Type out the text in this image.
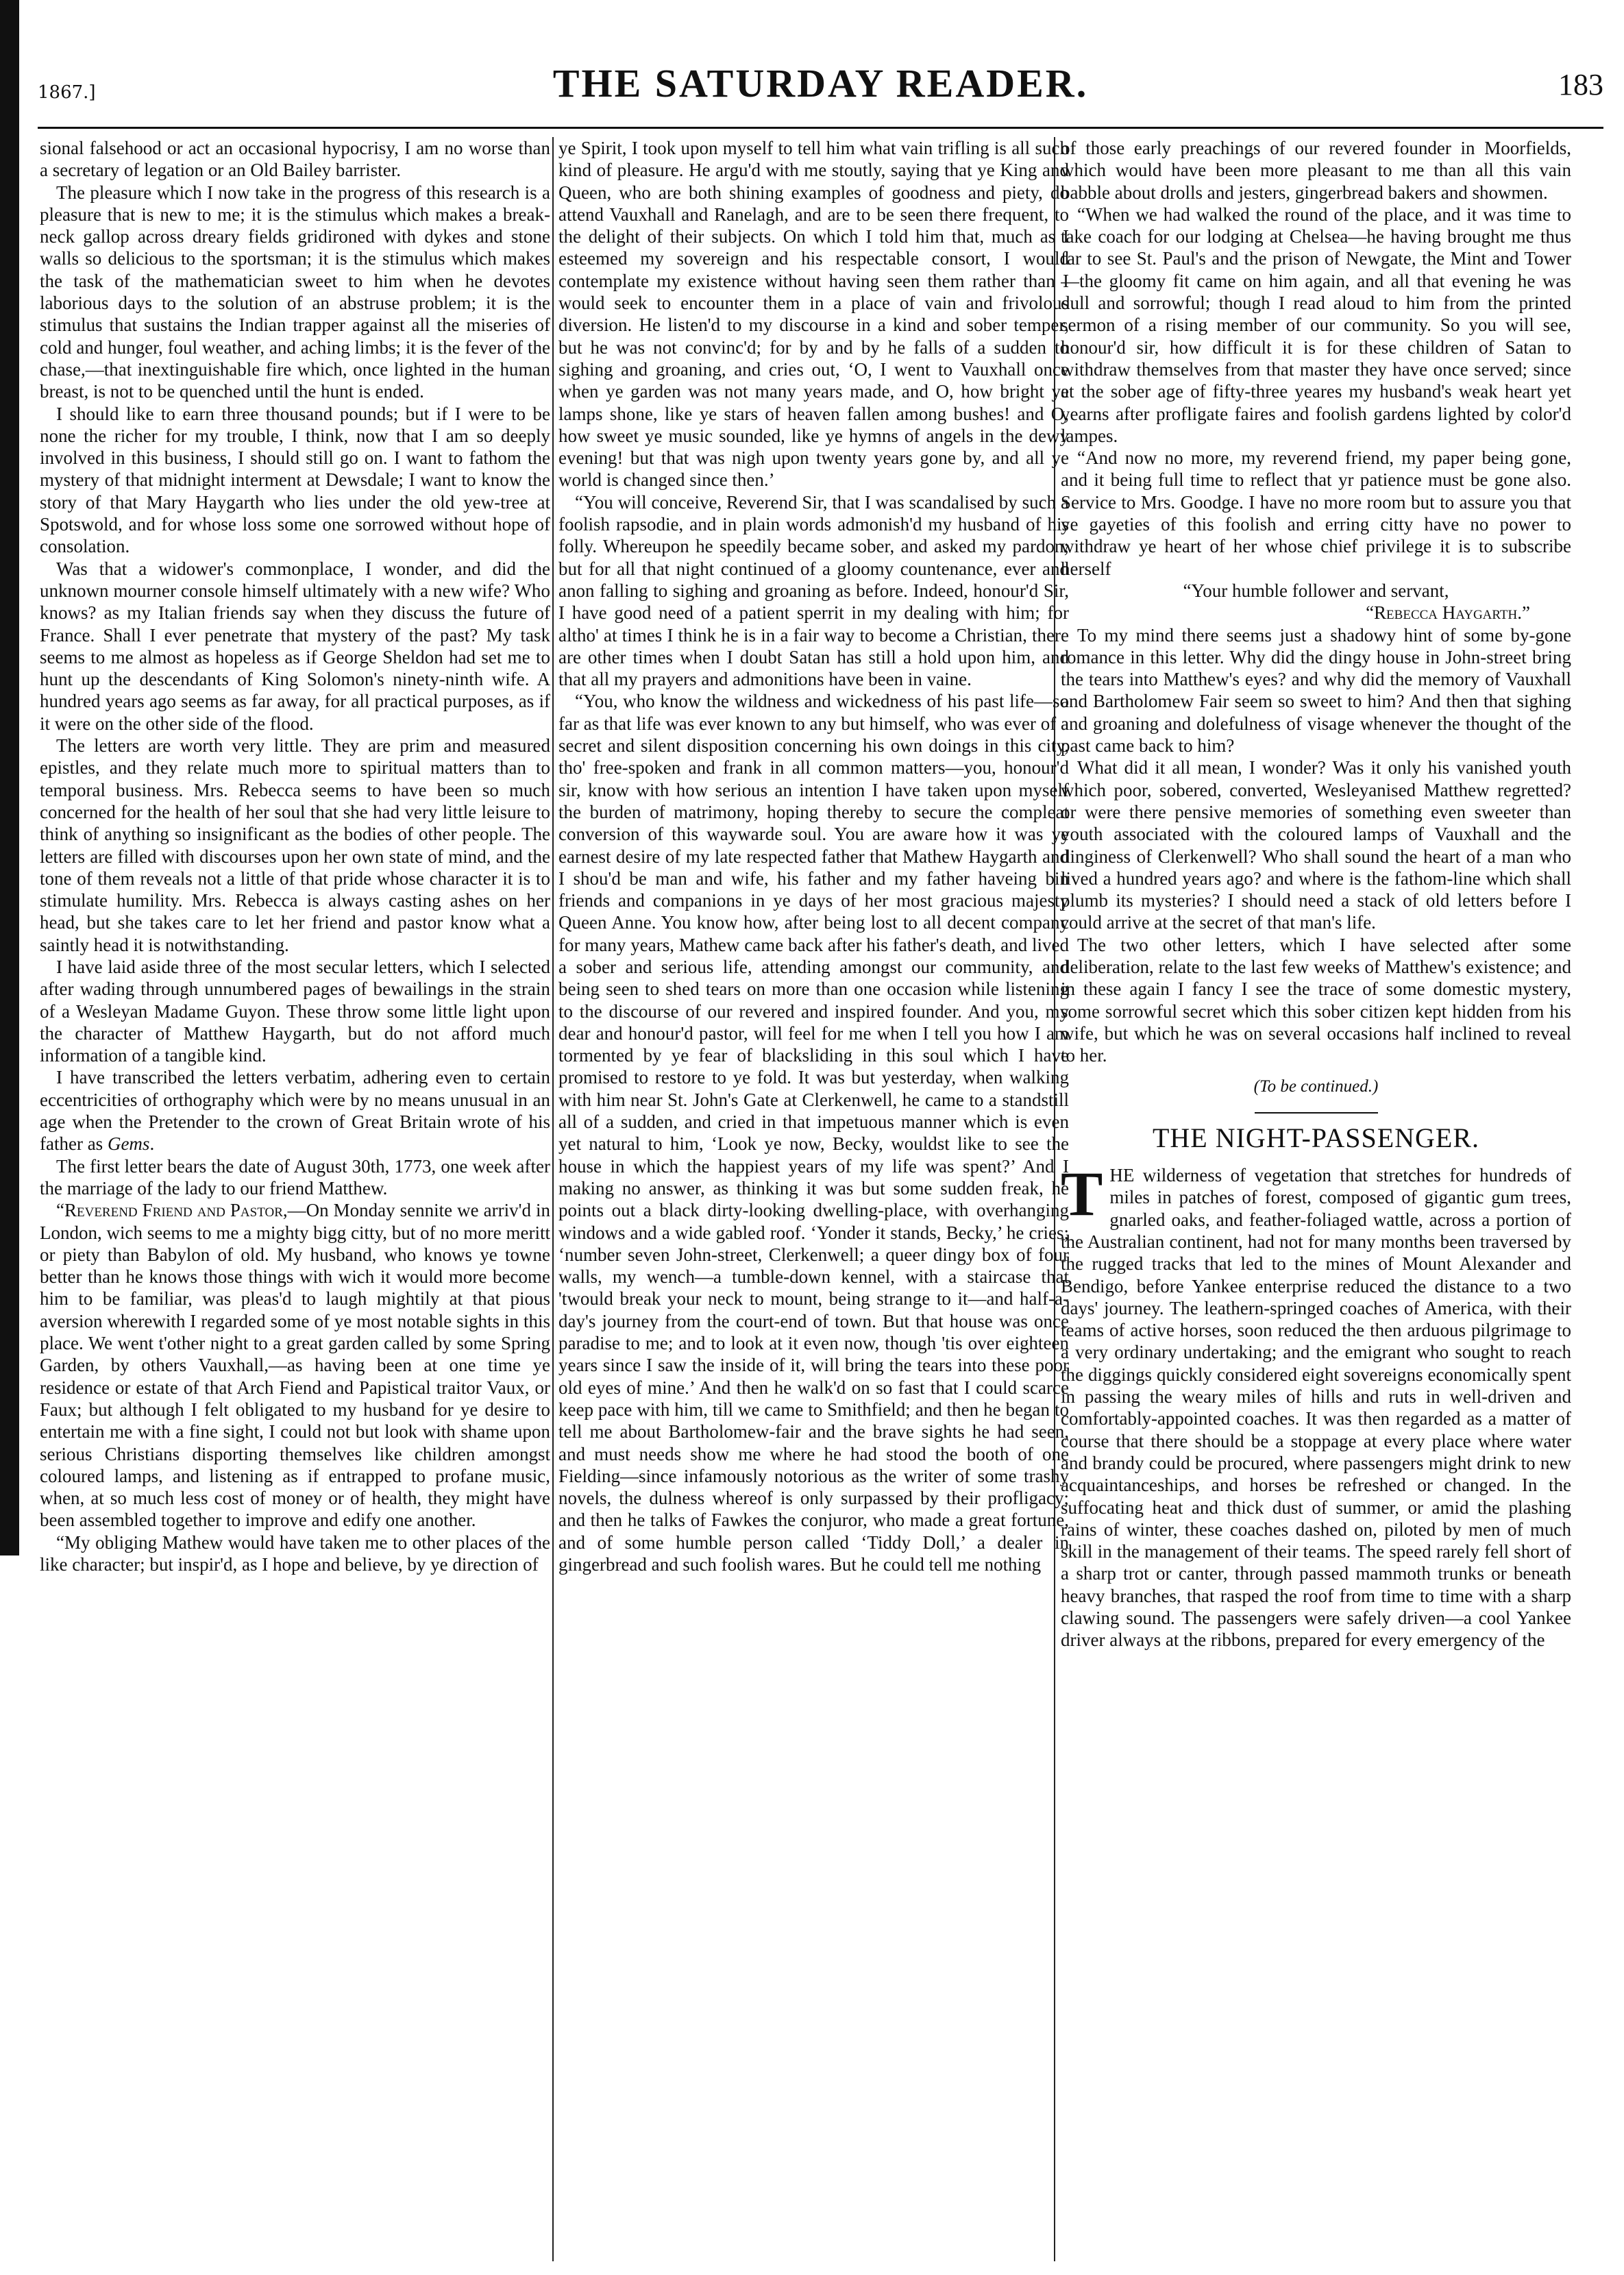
1867.]	THE SATURDAY READER.	183

sional falsehood or act an occasional hypocrisy, I am no worse than a secretary of legation or an Old Bailey barrister.

The pleasure which I now take in the progress of this research is a pleasure that is new to me; it is the stimulus which makes a break-neck gallop across dreary fields gridironed with dykes and stone walls so delicious to the sportsman; it is the stimulus which makes the task of the mathematician sweet to him when he devotes laborious days to the solution of an abstruse problem; it is the stimulus that sustains the Indian trapper against all the miseries of cold and hunger, foul weather, and aching limbs; it is the fever of the chase,—that inextinguishable fire which, once lighted in the human breast, is not to be quenched until the hunt is ended.

I should like to earn three thousand pounds; but if I were to be none the richer for my trouble, I think, now that I am so deeply involved in this business, I should still go on. I want to fathom the mystery of that midnight interment at Dewsdale; I want to know the story of that Mary Haygarth who lies under the old yew-tree at Spotswold, and for whose loss some one sorrowed without hope of consolation.

Was that a widower's commonplace, I wonder, and did the unknown mourner console himself ultimately with a new wife? Who knows? as my Italian friends say when they discuss the future of France. Shall I ever penetrate that mystery of the past? My task seems to me almost as hopeless as if George Sheldon had set me to hunt up the descendants of King Solomon's ninety-ninth wife. A hundred years ago seems as far away, for all practical purposes, as if it were on the other side of the flood.

The letters are worth very little. They are prim and measured epistles, and they relate much more to spiritual matters than to temporal business. Mrs. Rebecca seems to have been so much concerned for the health of her soul that she had very little leisure to think of anything so insignificant as the bodies of other people. The letters are filled with discourses upon her own state of mind, and the tone of them reveals not a little of that pride whose character it is to stimulate humility. Mrs. Rebecca is always casting ashes on her head, but she takes care to let her friend and pastor know what a saintly head it is notwithstanding.

I have laid aside three of the most secular letters, which I selected after wading through unnumbered pages of bewailings in the strain of a Wesleyan Madame Guyon. These throw some little light upon the character of Matthew Haygarth, but do not afford much information of a tangible kind.

I have transcribed the letters verbatim, adhering even to certain eccentricities of orthography which were by no means unusual in an age when the Pretender to the crown of Great Britain wrote of his father as Gems.

The first letter bears the date of August 30th, 1773, one week after the marriage of the lady to our friend Matthew.

“Reverend Friend and Pastor,—On Monday sennite we arriv'd in London, wich seems to me a mighty bigg citty, but of no more meritt or piety than Babylon of old. My husband, who knows ye towne better than he knows those things with wich it would more become him to be familiar, was pleas'd to laugh mightily at that pious aversion wherewith I regarded some of ye most notable sights in this place. We went t'other night to a great garden called by some Spring Garden, by others Vauxhall,—as having been at one time ye residence or estate of that Arch Fiend and Papistical traitor Vaux, or Faux; but although I felt obligated to my husband for ye desire to entertain me with a fine sight, I could not but look with shame upon serious Christians disporting themselves like children amongst coloured lamps, and listening as if entrapped to profane music, when, at so much less cost of money or of health, they might have been assembled together to improve and edify one another.

“My obliging Mathew would have taken me to other places of the like character; but inspir'd, as I hope and believe, by ye direction of

ye Spirit, I took upon myself to tell him what vain trifling is all such kind of pleasure. He argu'd with me stoutly, saying that ye King and Queen, who are both shining examples of goodness and piety, do attend Vauxhall and Ranelagh, and are to be seen there frequent, to the delight of their subjects. On which I told him that, much as I esteemed my sovereign and his respectable consort, I would contemplate my existence without having seen them rather than I would seek to encounter them in a place of vain and frivolous diversion. He listen'd to my discourse in a kind and sober temper, but he was not convinc'd; for by and by he falls of a sudden to sighing and groaning, and cries out, ‘O, I went to Vauxhall once when ye garden was not many years made, and O, how bright ye lamps shone, like ye stars of heaven fallen among bushes! and O, how sweet ye music sounded, like ye hymns of angels in the dewy evening! but that was nigh upon twenty years gone by, and all ye world is changed since then.’

“You will conceive, Reverend Sir, that I was scandalised by such a foolish rapsodie, and in plain words admonish'd my husband of his folly. Whereupon he speedily became sober, and asked my pardon; but for all that night continued of a gloomy countenance, ever and anon falling to sighing and groaning as before. Indeed, honour'd Sir, I have good need of a patient sperrit in my dealing with him; for altho' at times I think he is in a fair way to become a Christian, there are other times when I doubt Satan has still a hold upon him, and that all my prayers and admonitions have been in vaine.

“You, who know the wildness and wickedness of his past life—so far as that life was ever known to any but himself, who was ever of a secret and silent disposition concerning his own doings in this city, tho' free-spoken and frank in all common matters—you, honour'd sir, know with how serious an intention I have taken upon myself the burden of matrimony, hoping thereby to secure the compleat conversion of this waywarde soul. You are aware how it was ye earnest desire of my late respected father that Mathew Haygarth and I shou'd be man and wife, his father and my father haveing bin friends and companions in ye days of her most gracious majesty Queen Anne. You know how, after being lost to all decent company for many years, Mathew came back after his father's death, and lived a sober and serious life, attending amongst our community, and being seen to shed tears on more than one occasion while listening to the discourse of our revered and inspired founder. And you, my dear and honour'd pastor, will feel for me when I tell you how I am tormented by ye fear of blacksliding in this soul which I have promised to restore to ye fold. It was but yesterday, when walking with him near St. John's Gate at Clerkenwell, he came to a standstill all of a sudden, and cried in that impetuous manner which is even yet natural to him, ‘Look ye now, Becky, wouldst like to see the house in which the happiest years of my life was spent?’ And I making no answer, as thinking it was but some sudden freak, he points out a black dirty-looking dwelling-place, with overhanging windows and a wide gabled roof. ‘Yonder it stands, Becky,’ he cries; ‘number seven John-street, Clerkenwell; a queer dingy box of four walls, my wench—a tumble-down kennel, with a staircase that 'twould break your neck to mount, being strange to it—and half-a-day's journey from the court-end of town. But that house was once paradise to me; and to look at it even now, though 'tis over eighteen years since I saw the inside of it, will bring the tears into these poor old eyes of mine.’ And then he walk'd on so fast that I could scarce keep pace with him, till we came to Smithfield; and then he began to tell me about Bartholomew-fair and the brave sights he had seen, and must needs show me where he had stood the booth of one Fielding—since infamously notorious as the writer of some trashy novels, the dulness whereof is only surpassed by their profligacy; and then he talks of Fawkes the conjuror, who made a great fortune, and of some humble person called ‘Tiddy Doll,’ a dealer in gingerbread and such foolish wares. But he could tell me nothing

of those early preachings of our revered founder in Moorfields, which would have been more pleasant to me than all this vain babble about drolls and jesters, gingerbread bakers and showmen.

“When we had walked the round of the place, and it was time to take coach for our lodging at Chelsea—he having brought me thus far to see St. Paul's and the prison of Newgate, the Mint and Tower—the gloomy fit came on him again, and all that evening he was dull and sorrowful; though I read aloud to him from the printed sermon of a rising member of our community. So you will see, honour'd sir, how difficult it is for these children of Satan to withdraw themselves from that master they have once served; since at the sober age of fifty-three yeares my husband's weak heart yet yearns after profligate faires and foolish gardens lighted by color'd lampes.

“And now no more, my reverend friend, my paper being gone, and it being full time to reflect that yr patience must be gone also. Service to Mrs. Goodge. I have no more room but to assure you that ye gayeties of this foolish and erring citty have no power to withdraw ye heart of her whose chief privilege it is to subscribe herself

“Your humble follower and servant,

“Rebecca Haygarth.”

To my mind there seems just a shadowy hint of some by-gone romance in this letter. Why did the dingy house in John-street bring the tears into Matthew's eyes? and why did the memory of Vauxhall and Bartholomew Fair seem so sweet to him? And then that sighing and groaning and dolefulness of visage whenever the thought of the past came back to him?

What did it all mean, I wonder? Was it only his vanished youth which poor, sobered, converted, Wesleyanised Matthew regretted? or were there pensive memories of something even sweeter than youth associated with the coloured lamps of Vauxhall and the dinginess of Clerkenwell? Who shall sound the heart of a man who lived a hundred years ago? and where is the fathom-line which shall plumb its mysteries? I should need a stack of old letters before I could arrive at the secret of that man's life.

The two other letters, which I have selected after some deliberation, relate to the last few weeks of Matthew's existence; and in these again I fancy I see the trace of some domestic mystery, some sorrowful secret which this sober citizen kept hidden from his wife, but which he was on several occasions half inclined to reveal to her.

(To be continued.)
THE NIGHT-PASSENGER.

THE wilderness of vegetation that stretches for hundreds of miles in patches of forest, composed of gigantic gum trees, gnarled oaks, and feather-foliaged wattle, across a portion of the Australian continent, had not for many months been traversed by the rugged tracks that led to the mines of Mount Alexander and Bendigo, before Yankee enterprise reduced the distance to a two days' journey. The leathern-springed coaches of America, with their teams of active horses, soon reduced the then arduous pilgrimage to a very ordinary undertaking; and the emigrant who sought to reach the diggings quickly considered eight sovereigns economically spent in passing the weary miles of hills and ruts in well-driven and comfortably-appointed coaches. It was then regarded as a matter of course that there should be a stoppage at every place where water and brandy could be procured, where passengers might drink to new acquaintanceships, and horses be refreshed or changed. In the suffocating heat and thick dust of summer, or amid the plashing rains of winter, these coaches dashed on, piloted by men of much skill in the management of their teams. The speed rarely fell short of a sharp trot or canter, through passed mammoth trunks or beneath heavy branches, that rasped the roof from time to time with a sharp clawing sound. The passengers were safely driven—a cool Yankee driver always at the ribbons, prepared for every emergency of the
